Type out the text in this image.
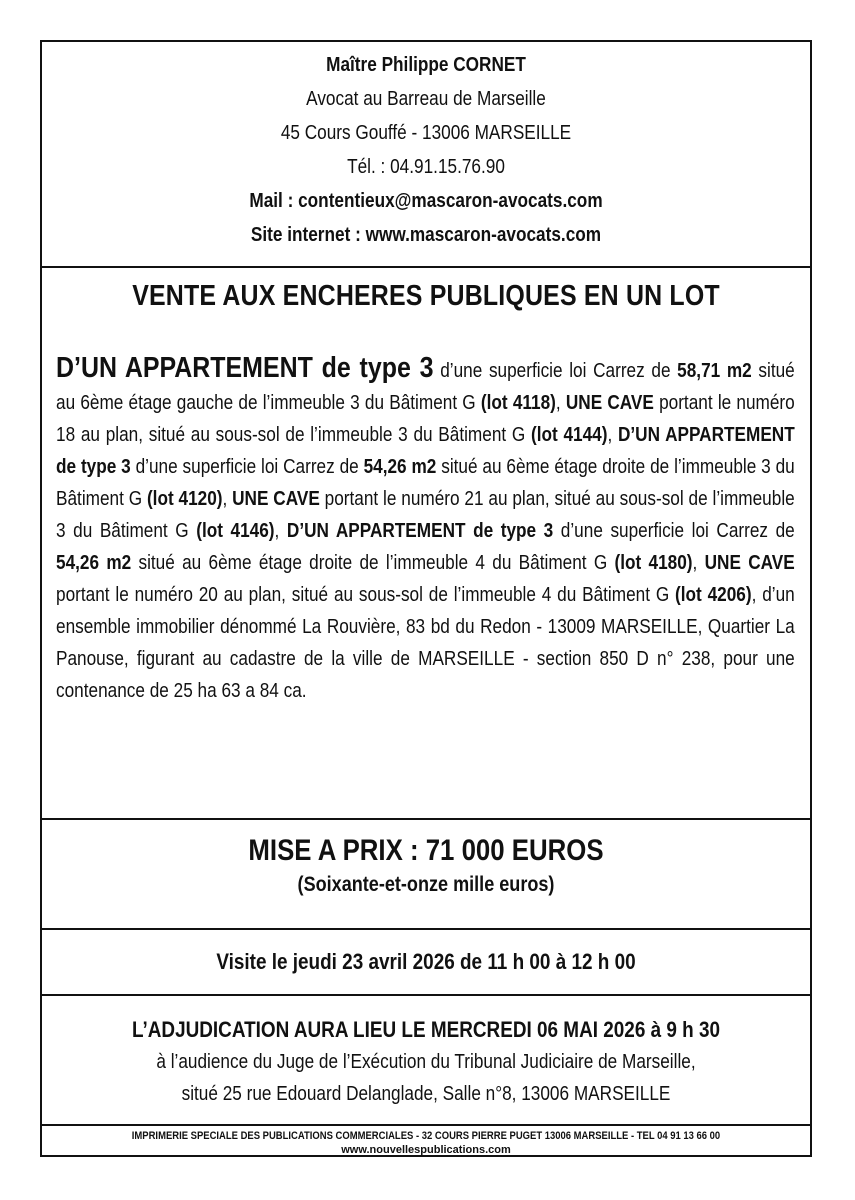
Maître Philippe CORNET
Avocat au Barreau de Marseille
45 Cours Gouffé - 13006 MARSEILLE
Tél. : 04.91.15.76.90
Mail : contentieux@mascaron-avocats.com
Site internet : www.mascaron-avocats.com
VENTE AUX ENCHERES PUBLIQUES EN UN LOT
D’UN APPARTEMENT de type 3 d’une superficie loi Carrez de 58,71 m2 situé au 6ème étage gauche de l’immeuble 3 du Bâtiment G (lot 4118), UNE CAVE portant le numéro 18 au plan, situé au sous-sol de l’immeuble 3 du Bâtiment G (lot 4144), D’UN APPARTEMENT de type 3 d’une superficie loi Carrez de 54,26 m2 situé au 6ème étage droite de l’immeuble 3 du Bâtiment G (lot 4120), UNE CAVE portant le numéro 21 au plan, situé au sous-sol de l’immeuble 3 du Bâtiment G (lot 4146), D’UN APPARTEMENT de type 3 d’une superficie loi Carrez de 54,26 m2 situé au 6ème étage droite de l’immeuble 4 du Bâtiment G (lot 4180), UNE CAVE portant le numéro 20 au plan, situé au sous-sol de l’immeuble 4 du Bâtiment G (lot 4206), d’un ensemble immobilier dénommé La Rouvière, 83 bd du Redon - 13009 MARSEILLE, Quartier La Panouse, figurant au cadastre de la ville de MARSEILLE - section 850 D n° 238, pour une contenance de 25 ha 63 a 84 ca.
MISE A PRIX : 71 000 EUROS
(Soixante-et-onze mille euros)
Visite le jeudi 23 avril 2026 de 11 h 00 à 12 h 00
L’ADJUDICATION AURA LIEU LE MERCREDI 06 MAI 2026 à 9 h 30
à l’audience du Juge de l’Exécution du Tribunal Judiciaire de Marseille,
situé 25 rue Edouard Delanglade, Salle n°8, 13006 MARSEILLE
IMPRIMERIE SPECIALE DES PUBLICATIONS COMMERCIALES - 32 COURS PIERRE PUGET 13006 MARSEILLE - TEL 04 91 13 66 00
www.nouvellespublications.com
